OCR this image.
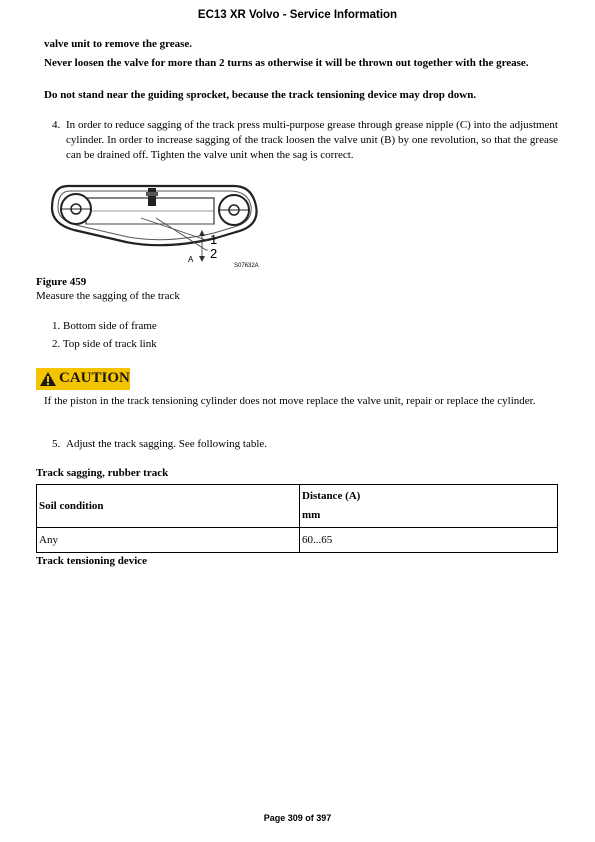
EC13 XR Volvo - Service Information
valve unit to remove the grease.
Never loosen the valve for more than 2 turns as otherwise it will be thrown out together with the grease.
Do not stand near the guiding sprocket, because the track tensioning device may drop down.
4. In order to reduce sagging of the track press multi-purpose grease through grease nipple (C) into the adjustment cylinder. In order to increase sagging of the track loosen the valve unit (B) by one revolution, so that the grease can be drained off. Tighten the valve unit when the sag is correct.
1
2
A
S07632A
Figure 459
Measure the sagging of the track
1. Bottom side of frame
2. Top side of track link
CAUTION
If the piston in the track tensioning cylinder does not move replace the valve unit, repair or replace the cylinder.
5. Adjust the track sagging. See following table.
Track sagging, rubber track
Soil condition	Distance (A)
mm

Any	60...65
Track tensioning device
Page 309 of 397
